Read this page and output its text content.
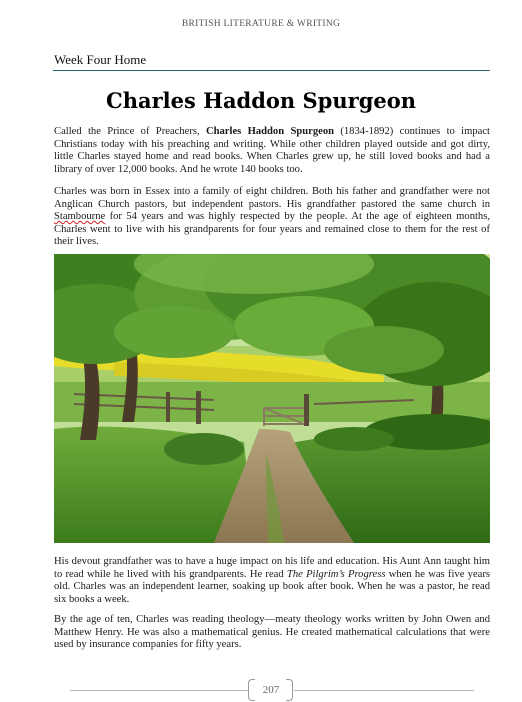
BRITISH LITERATURE & WRITING
Week Four Home
Charles Haddon Spurgeon

Called the Prince of Preachers, Charles Haddon Spurgeon (1834-1892) continues to impact Christians today with his preaching and writing. While other children played outside and got dirty, little Charles stayed home and read books. When Charles grew up, he still loved books and had a library of over 12,000 books. And he wrote 140 books too.

Charles was born in Essex into a family of eight children. Both his father and grandfather were not Anglican Church pastors, but independent pastors. His grandfather pastored the same church in Stambourne for 54 years and was highly respected by the people. At the age of eighteen months, Charles went to live with his grandparents for four years and remained close to them for the rest of their lives.

His devout grandfather was to have a huge impact on his life and education. His Aunt Ann taught him to read while he lived with his grandparents. He read The Pilgrim’s Progress when he was five years old. Charles was an independent learner, soaking up book after book. When he was a pastor, he read six books a week.

By the age of ten, Charles was reading theology—meaty theology works written by John Owen and Matthew Henry. He was also a mathematical genius. He created mathematical calculations that were used by insurance companies for fifty years.

207
